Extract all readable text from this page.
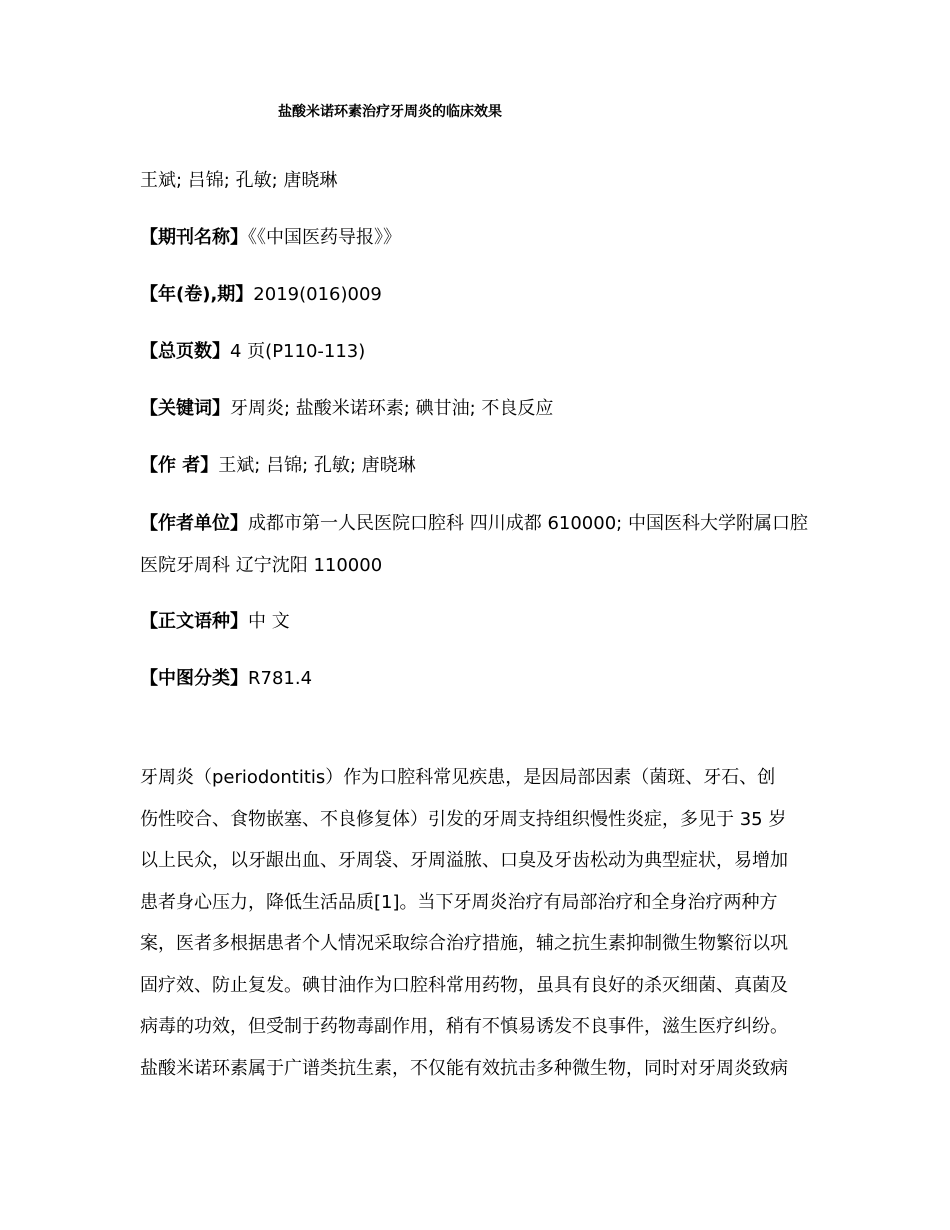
盐酸米诺环素治疗牙周炎的临床效果
王斌; 吕锦; 孔敏; 唐晓琳
【期刊名称】《《中国医药导报》》
【年(卷),期】2019(016)009
【总页数】4 页(P110-113)
【关键词】牙周炎; 盐酸米诺环素; 碘甘油; 不良反应
【作 者】王斌; 吕锦; 孔敏; 唐晓琳
【作者单位】成都市第一人民医院口腔科 四川成都 610000; 中国医科大学附属口腔医院牙周科 辽宁沈阳 110000
【正文语种】中 文
【中图分类】R781.4
牙周炎（periodontitis）作为口腔科常见疾患，是因局部因素（菌斑、牙石、创
伤性咬合、食物嵌塞、不良修复体）引发的牙周支持组织慢性炎症，多见于 35 岁
以上民众，以牙龈出血、牙周袋、牙周溢脓、口臭及牙齿松动为典型症状，易增加
患者身心压力，降低生活品质[1]。当下牙周炎治疗有局部治疗和全身治疗两种方
案，医者多根据患者个人情况采取综合治疗措施，辅之抗生素抑制微生物繁衍以巩
固疗效、防止复发。碘甘油作为口腔科常用药物，虽具有良好的杀灭细菌、真菌及
病毒的功效，但受制于药物毒副作用，稍有不慎易诱发不良事件，滋生医疗纠纷。
盐酸米诺环素属于广谱类抗生素，不仅能有效抗击多种微生物，同时对牙周炎致病
